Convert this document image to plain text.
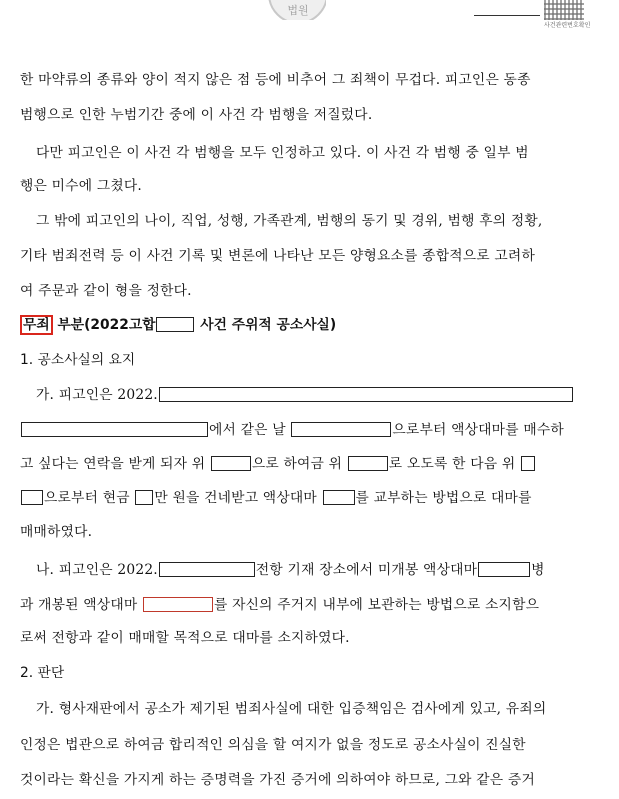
법원
사건관련번호확인
한 마약류의 종류와 양이 적지 않은 점 등에 비추어 그 죄책이 무겁다. 피고인은 동종
범행으로 인한 누범기간 중에 이 사건 각 범행을 저질렀다.
다만 피고인은 이 사건 각 범행을 모두 인정하고 있다. 이 사건 각 범행 중 일부 범
행은 미수에 그쳤다.
그 밖에 피고인의 나이, 직업, 성행, 가족관계, 범행의 동기 및 경위, 범행 후의 정황,
기타 범죄전력 등 이 사건 기록 및 변론에 나타난 모든 양형요소를 종합적으로 고려하
여 주문과 같이 형을 정한다.
무죄 부분(2022고합	사건 주위적 공소사실)
1. 공소사실의 요지
가. 피고인은 2022.
에서 같은 날	으로부터 액상대마를 매수하
고 싶다는 연락을 받게 되자 위	으로 하여금 위	로 오도록 한 다음 위
으로부터 현금 만 원을 건네받고 액상대마	를 교부하는 방법으로 대마를
매매하였다.
나. 피고인은 2022.	전항 기재 장소에서 미개봉 액상대마	병
과 개봉된 액상대마	를 자신의 주거지 내부에 보관하는 방법으로 소지함으
로써 전항과 같이 매매할 목적으로 대마를 소지하였다.
2. 판단
가. 형사재판에서 공소가 제기된 범죄사실에 대한 입증책임은 검사에게 있고, 유죄의
인정은 법관으로 하여금 합리적인 의심을 할 여지가 없을 정도로 공소사실이 진실한
것이라는 확신을 가지게 하는 증명력을 가진 증거에 의하여야 하므로, 그와 같은 증거
